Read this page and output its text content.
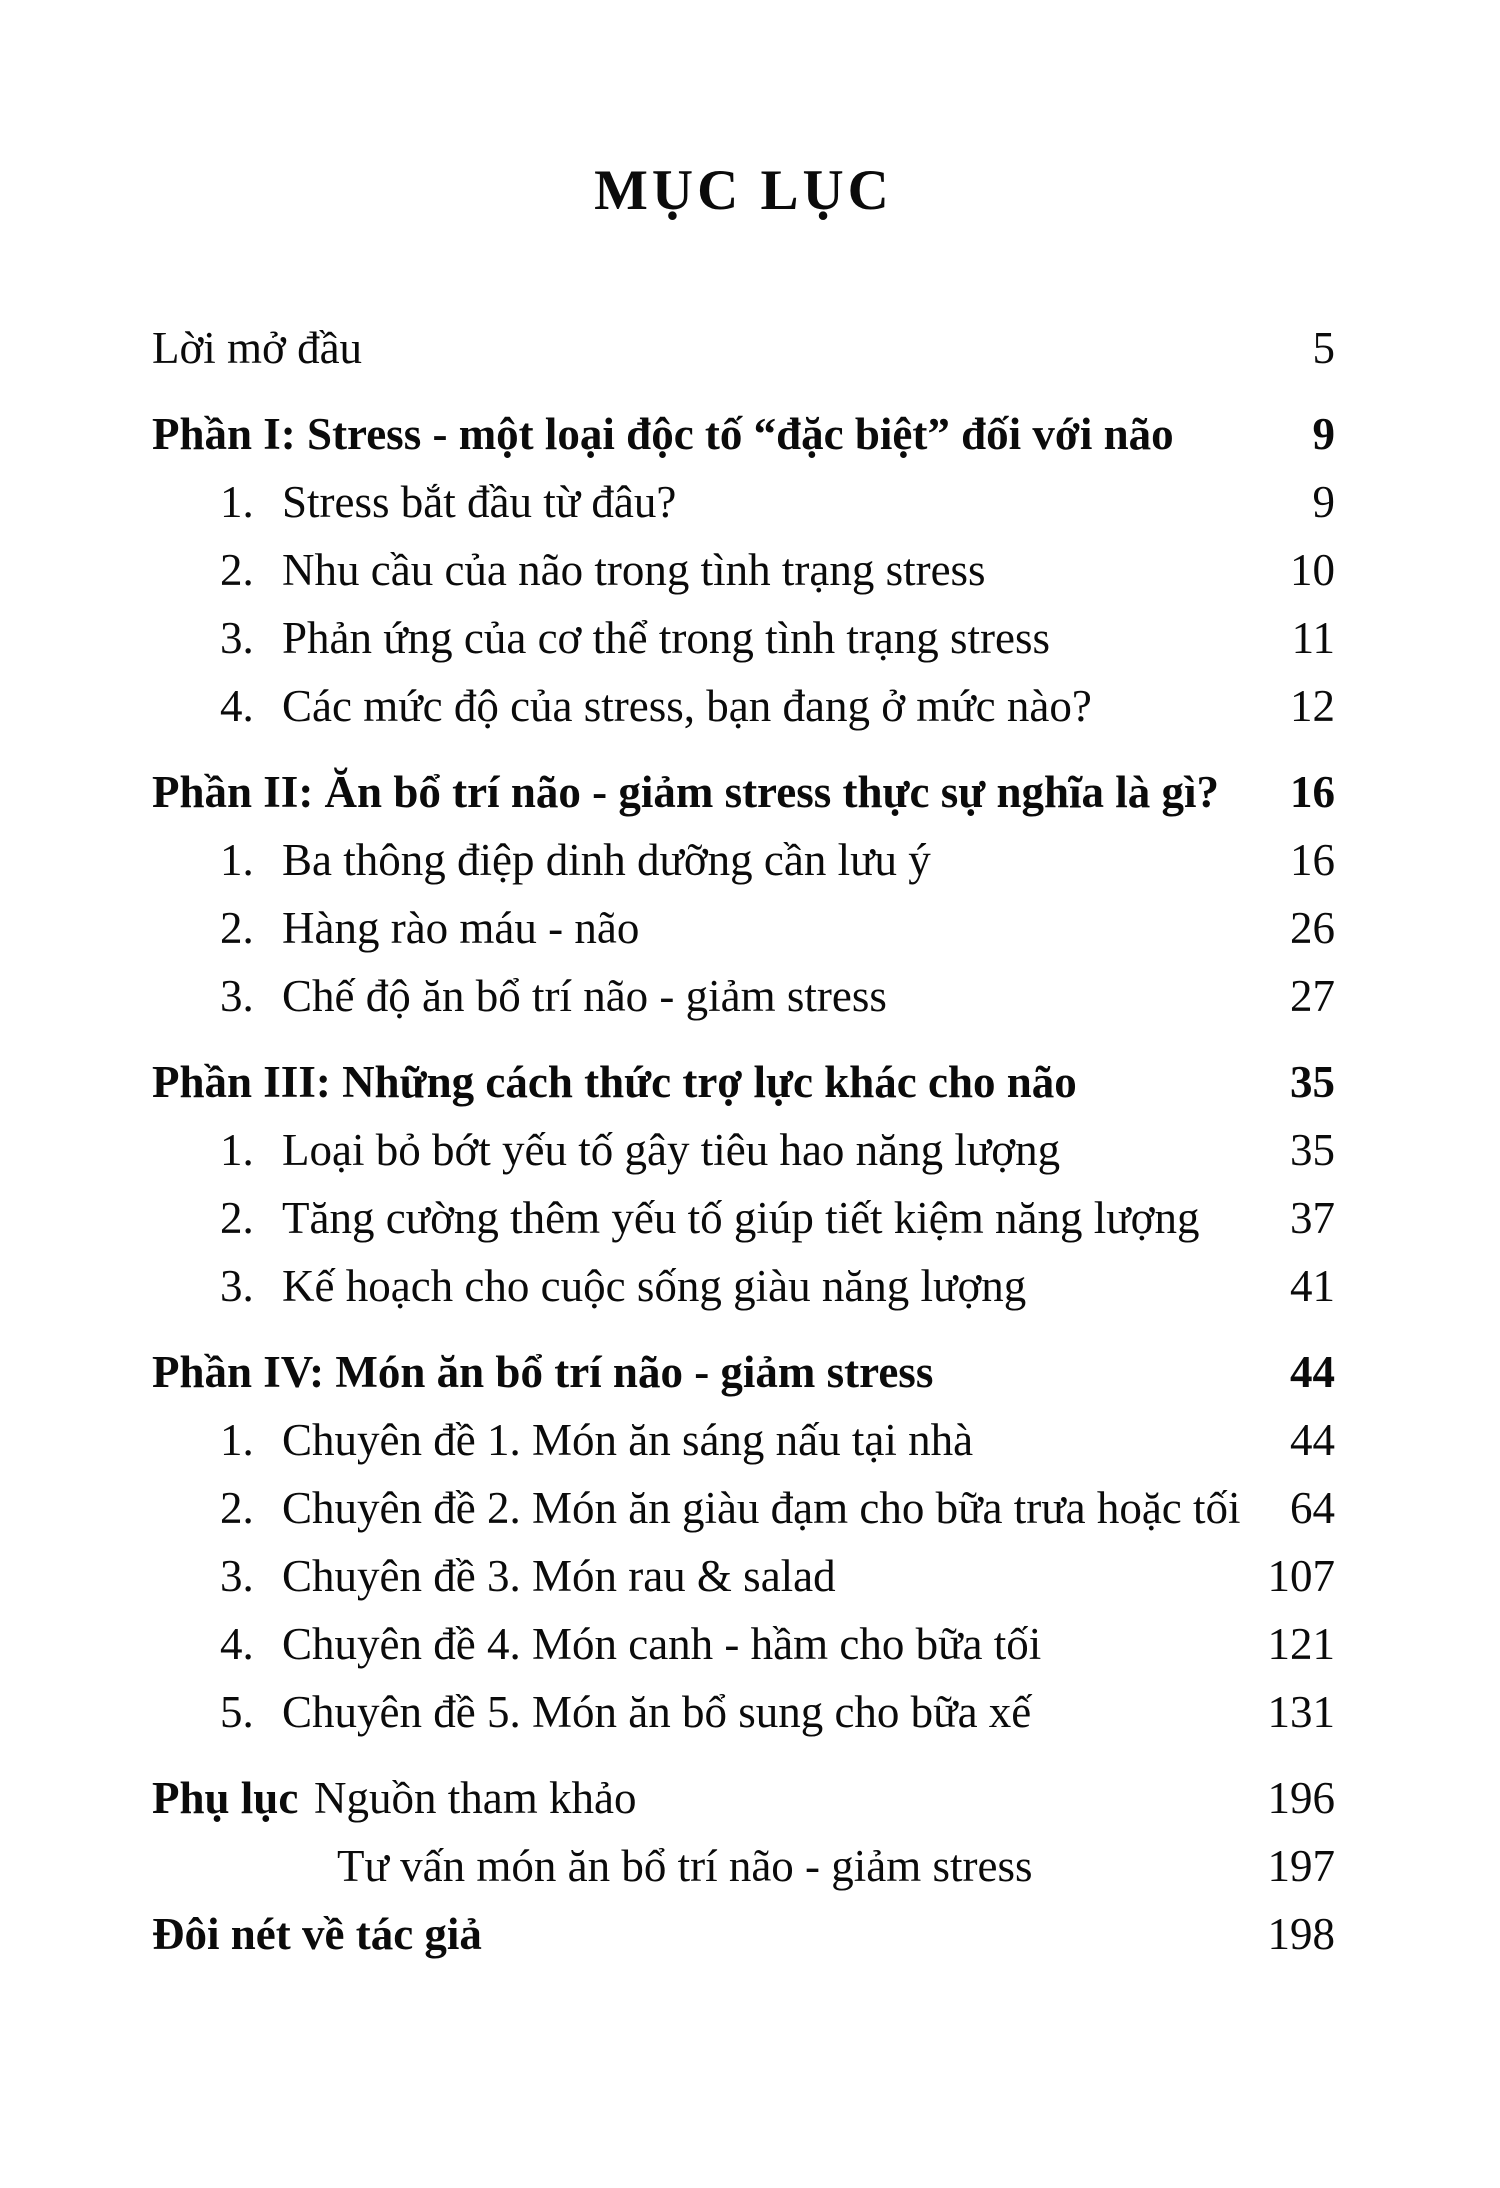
MỤC LỤC
Lời mở đầu	5
Phần I: Stress - một loại độc tố “đặc biệt” đối với não	9
1. Stress bắt đầu từ đâu?	9
2. Nhu cầu của não trong tình trạng stress	10
3. Phản ứng của cơ thể trong tình trạng stress	11
4. Các mức độ của stress, bạn đang ở mức nào?	12
Phần II: Ăn bổ trí não - giảm stress thực sự nghĩa là gì?	16
1. Ba thông điệp dinh dưỡng cần lưu ý	16
2. Hàng rào máu - não	26
3. Chế độ ăn bổ trí não - giảm stress	27
Phần III: Những cách thức trợ lực khác cho não	35
1. Loại bỏ bớt yếu tố gây tiêu hao năng lượng	35
2. Tăng cường thêm yếu tố giúp tiết kiệm năng lượng	37
3. Kế hoạch cho cuộc sống giàu năng lượng	41
Phần IV: Món ăn bổ trí não - giảm stress	44
1. Chuyên đề 1. Món ăn sáng nấu tại nhà	44
2. Chuyên đề 2. Món ăn giàu đạm cho bữa trưa hoặc tối	64
3. Chuyên đề 3. Món rau & salad	107
4. Chuyên đề 4. Món canh - hầm cho bữa tối	121
5. Chuyên đề 5. Món ăn bổ sung cho bữa xế	131
Phụ lục Nguồn tham khảo	196
Tư vấn món ăn bổ trí não - giảm stress	197
Đôi nét về tác giả	198
